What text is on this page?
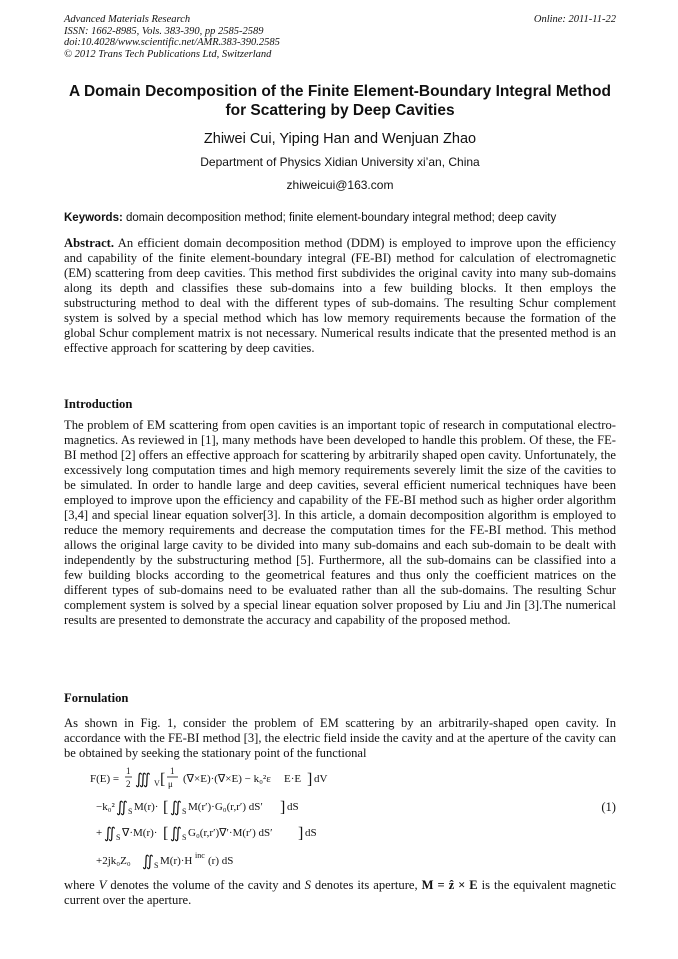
Advanced Materials Research
ISSN: 1662-8985, Vols. 383-390, pp 2585-2589
doi:10.4028/www.scientific.net/AMR.383-390.2585
© 2012 Trans Tech Publications Ltd, Switzerland
Online: 2011-11-22
A Domain Decomposition of the Finite Element-Boundary Integral Method for Scattering by Deep Cavities
Zhiwei Cui, Yiping Han and Wenjuan Zhao
Department of Physics Xidian University xi’an, China
zhiweicui@163.com
Keywords: domain decomposition method; finite element-boundary integral method; deep cavity
Abstract. An efficient domain decomposition method (DDM) is employed to improve upon the efficiency and capability of the finite element-boundary integral (FE-BI) method for calculation of electromagnetic (EM) scattering from deep cavities. This method first subdivides the original cavity into many sub-domains along its depth and classifies these sub-domains into a few building blocks. It then employs the substructuring method to deal with the different types of sub-domains. The resulting Schur complement system is solved by a special method which has low memory requirements because the formation of the global Schur complement matrix is not necessary. Numerical results indicate that the presented method is an effective approach for scattering by deep cavities.
Introduction
The problem of EM scattering from open cavities is an important topic of research in computational electro-magnetics. As reviewed in [1], many methods have been developed to handle this problem. Of these, the FE-BI method [2] offers an effective approach for scattering by arbitrarily shaped open cavity. Unfortunately, the excessively long computation times and high memory requirements severely limit the size of the cavities to be simulated. In order to handle large and deep cavities, several efficient numerical techniques have been employed to improve upon the efficiency and capability of the FE-BI method such as higher order algorithm [3,4] and special linear equation solver[3]. In this article, a domain decomposition algorithm is employed to reduce the memory requirements and decrease the computation times for the FE-BI method. This method allows the original large cavity to be divided into many sub-domains and each sub-domain to be dealt with independently by the substructuring method [5]. Furthermore, all the sub-domains can be classified into a few building blocks according to the geometrical features and thus only the coefficient matrices on the different types of sub-domains need to be evaluated rather than all the sub-domains. The resulting Schur complement system is solved by a special linear equation solver proposed by Liu and Jin [3].The numerical results are presented to demonstrate the accuracy and capability of the proposed method.
Fornulation
As shown in Fig. 1, consider the problem of EM scattering by an arbitrarily-shaped open cavity. In accordance with the FE-BI method [3], the electric field inside the cavity and at the aperture of the cavity can be obtained by seeking the stationary point of the functional
F(E) =
1
2 ∭ V [ 1
μ (∇×E)·(∇×E) − k₀²ε E·E ] dV
−k₀² ∬ S M(r)· [ ∬ S M(r′)·G₀(r,r′) dS′ ] dS
+ ∬ S ∇·M(r)· [ ∬ S G₀(r,r′)∇′·M(r′) dS′ ] dS
+2jk₀Z₀ ∬ S M(r)·H inc (r) dS
(1)
where V denotes the volume of the cavity and S denotes its aperture, M = ẑ × E is the equivalent magnetic current over the aperture.
